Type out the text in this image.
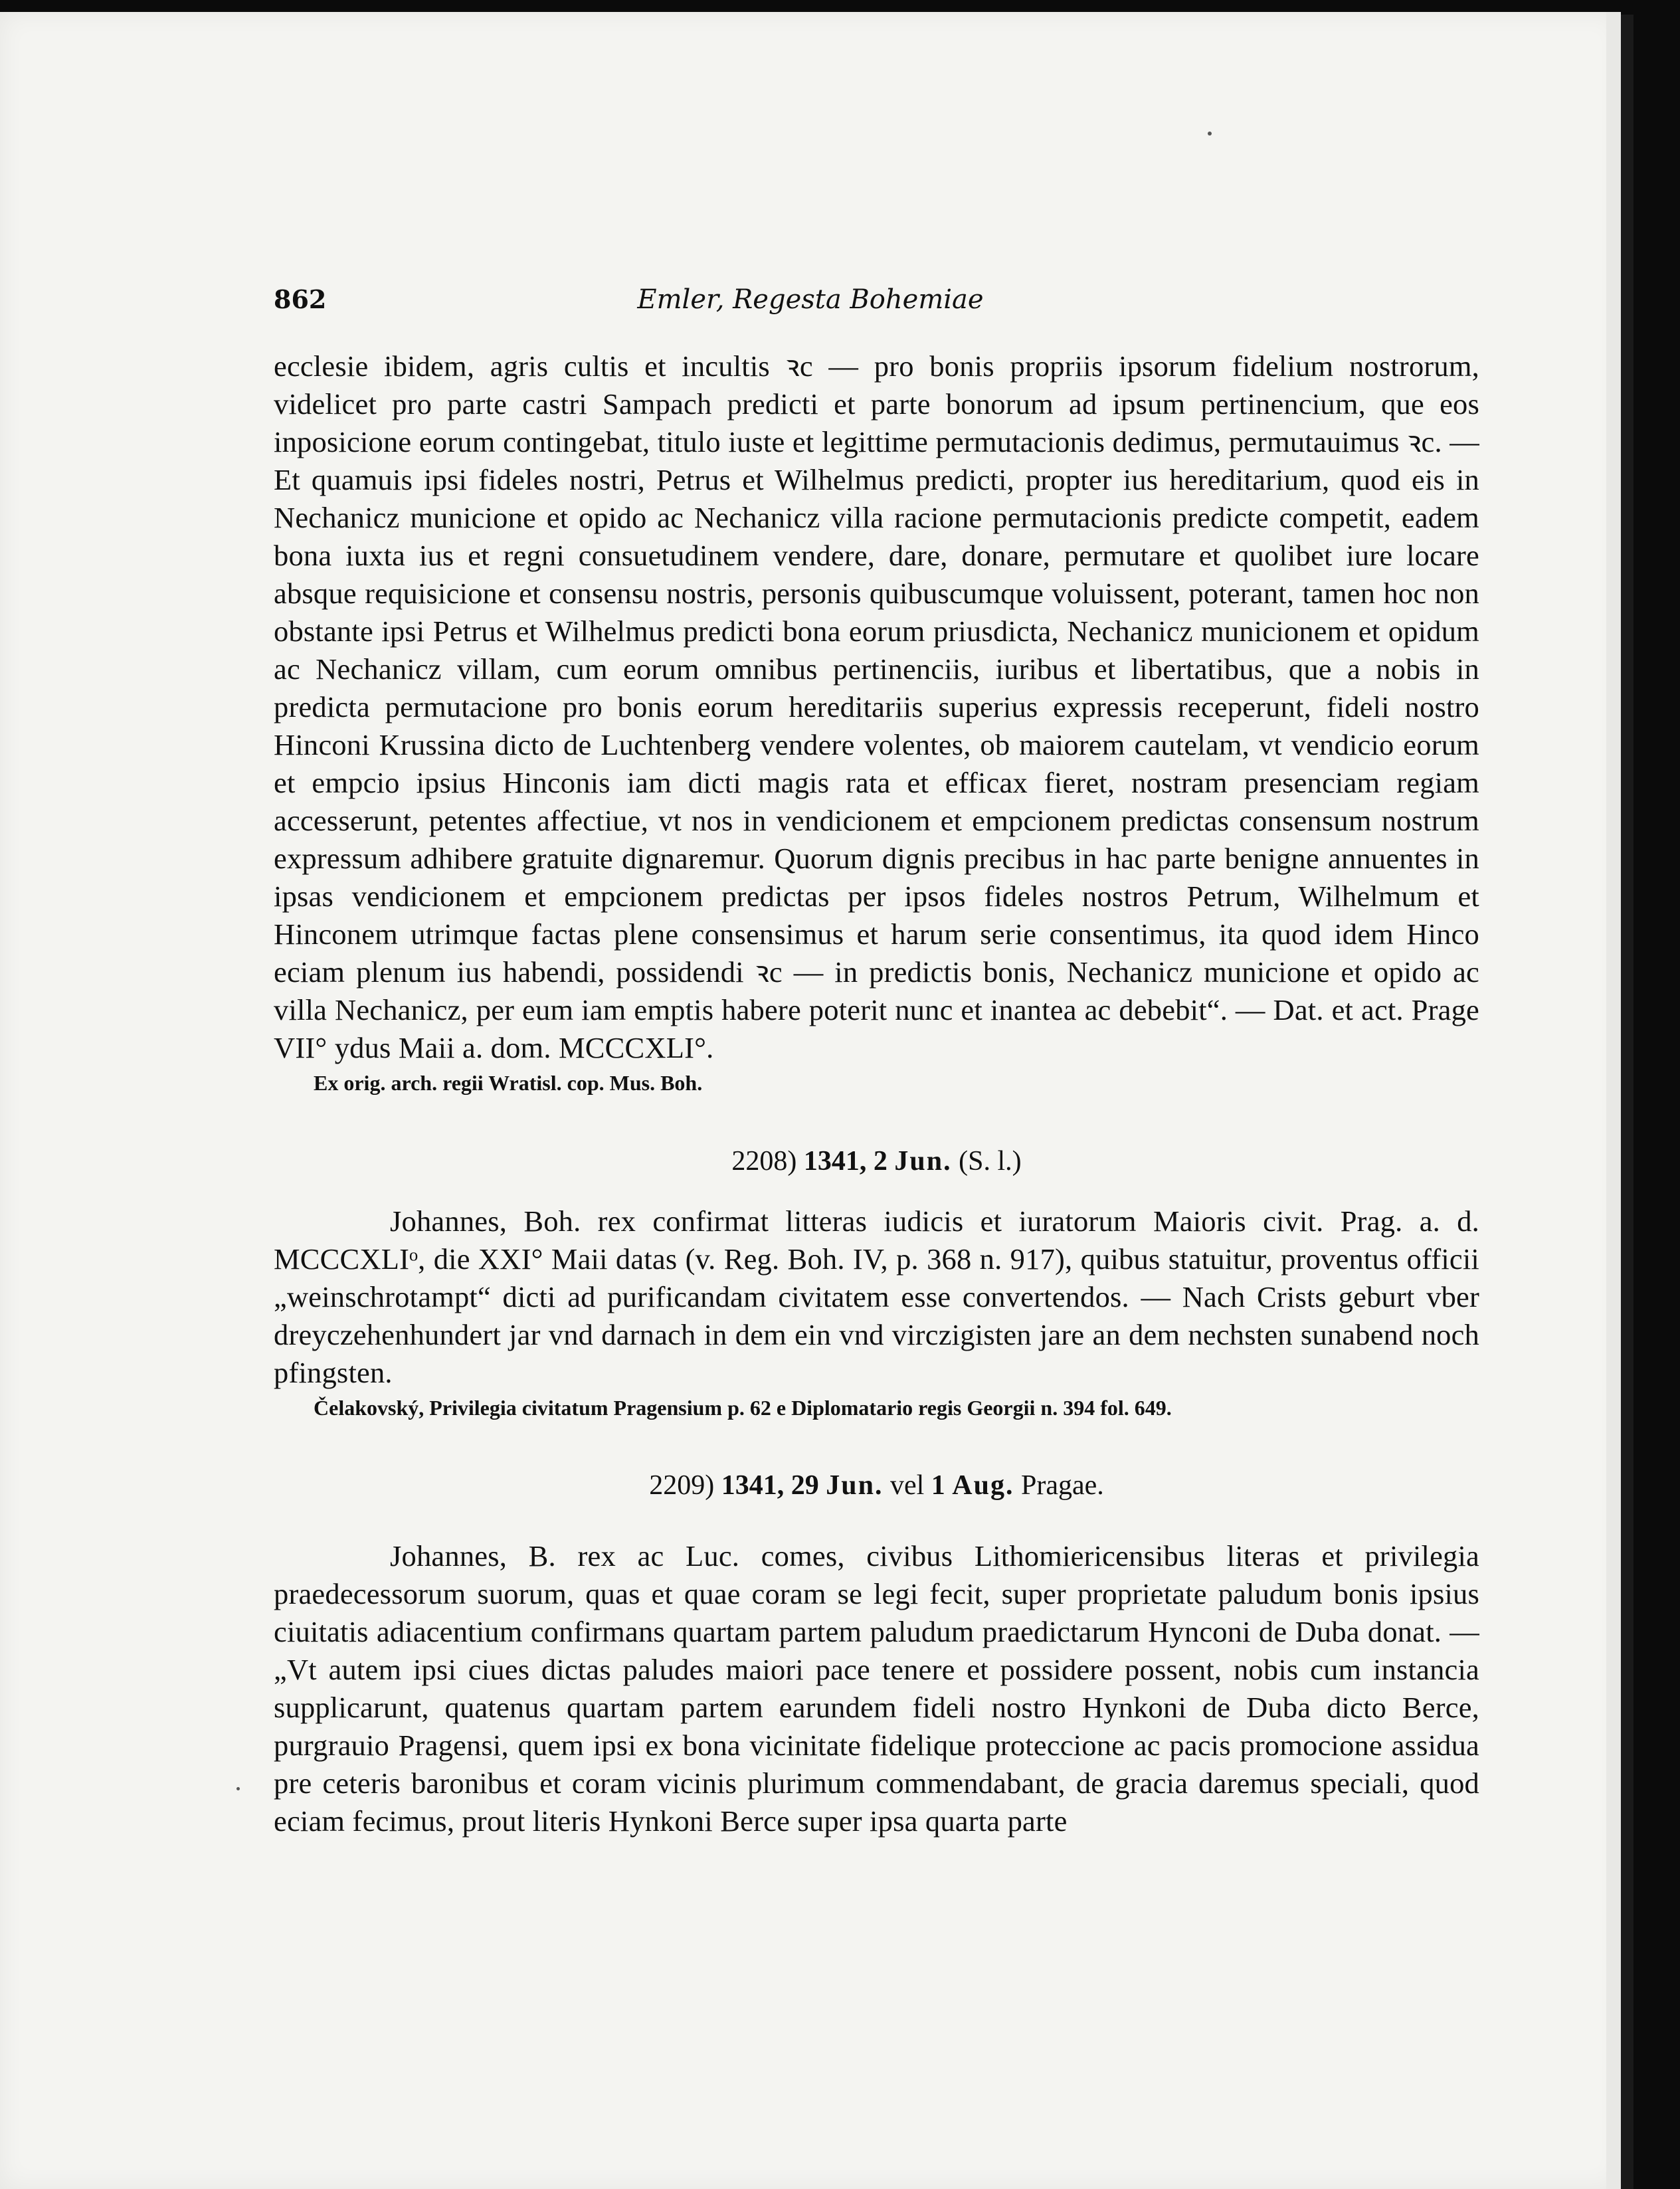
Emler, Regesta Bohemiae
862

ecclesie ibidem, agris cultis et incultis ꝛc — pro bonis propriis ipsorum fidelium nostrorum, videlicet pro parte castri Sampach predicti et parte bonorum ad ipsum pertinencium, que eos inposicione eorum contingebat, titulo iuste et legittime permutacionis dedimus, permutauimus ꝛc. — Et quamuis ipsi fideles nostri, Petrus et Wilhelmus predicti, propter ius hereditarium, quod eis in Nechanicz municione et opido ac Nechanicz villa racione permutacionis predicte competit, eadem bona iuxta ius et regni consuetudinem vendere, dare, donare, permutare et quolibet iure locare absque requisicione et consensu nostris, personis quibuscumque voluissent, poterant, tamen hoc non obstante ipsi Petrus et Wilhelmus predicti bona eorum priusdicta, Nechanicz municionem et opidum ac Nechanicz villam, cum eorum omnibus pertinenciis, iuribus et libertatibus, que a nobis in predicta permutacione pro bonis eorum hereditariis superius expressis receperunt, fideli nostro Hinconi Krussina dicto de Luchtenberg vendere volentes, ob maiorem cautelam, vt vendicio eorum et empcio ipsius Hinconis iam dicti magis rata et efficax fieret, nostram presenciam regiam accesserunt, petentes affectiue, vt nos in vendicionem et empcionem predictas consensum nostrum expressum adhibere gratuite dignaremur. Quorum dignis precibus in hac parte benigne annuentes in ipsas vendicionem et empcionem predictas per ipsos fideles nostros Petrum, Wilhelmum et Hinconem utrimque factas plene consensimus et harum serie consentimus, ita quod idem Hinco eciam plenum ius habendi, possidendi ꝛc — in predictis bonis, Nechanicz municione et opido ac villa Nechanicz, per eum iam emptis habere poterit nunc et inantea ac debebit“. — Dat. et act. Prage VII° ydus Maii a. dom. MCCCXLI°.

Ex orig. arch. regii Wratisl. cop. Mus. Boh.
2208) 1341, 2 Jun. (S. l.)

Johannes, Boh. rex confirmat litteras iudicis et iuratorum Maioris civit. Prag. a. d. MCCCXLIᵒ, die XXI° Maii datas (v. Reg. Boh. IV, p. 368 n. 917), quibus statuitur, proventus officii „weinschrotampt“ dicti ad purificandam civitatem esse convertendos. — Nach Crists geburt vber dreyczehenhundert jar vnd darnach in dem ein vnd virczigisten jare an dem nechsten sunabend noch pfingsten.

Čelakovský, Privilegia civitatum Pragensium p. 62 e Diplomatario regis Georgii n. 394 fol. 649.
2209) 1341, 29 Jun. vel 1 Aug. Pragae.

Johannes, B. rex ac Luc. comes, civibus Lithomiericensibus literas et privilegia praedecessorum suorum, quas et quae coram se legi fecit, super proprietate paludum bonis ipsius ciuitatis adiacentium confirmans quartam partem paludum praedictarum Hynconi de Duba donat. — „Vt autem ipsi ciues dictas paludes maiori pace tenere et possidere possent, nobis cum instancia supplicarunt, quatenus quartam partem earundem fideli nostro Hynkoni de Duba dicto Berce, purgrauio Pragensi, quem ipsi ex bona vicinitate fidelique proteccione ac pacis promocione assidua pre ceteris baronibus et coram vicinis plurimum commendabant, de gracia daremus speciali, quod eciam fecimus, prout literis Hynkoni Berce super ipsa quarta parte
